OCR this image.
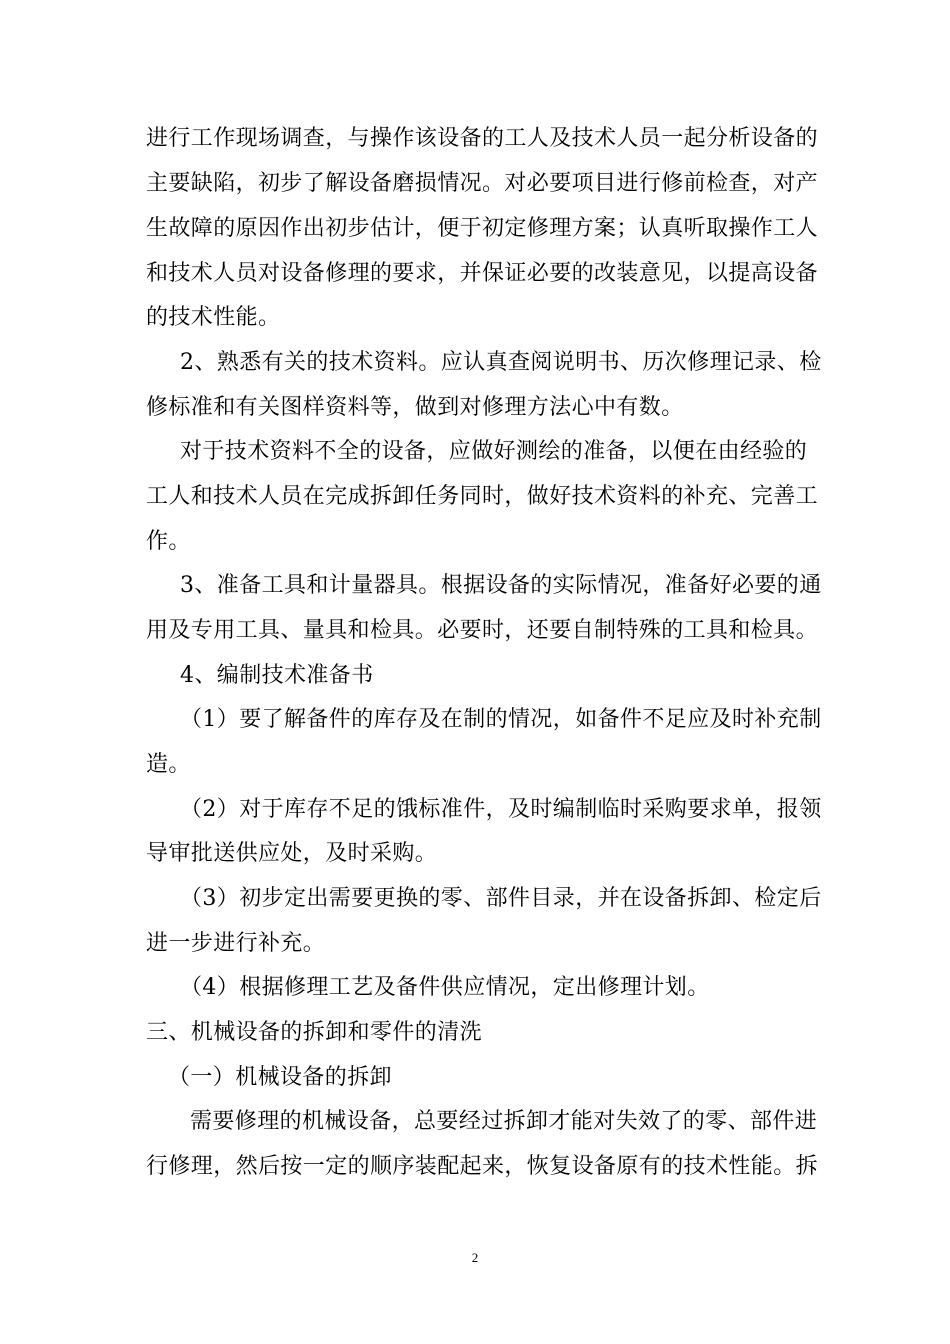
进行工作现场调查，与操作该设备的工人及技术人员一起分析设备的
主要缺陷，初步了解设备磨损情况。对必要项目进行修前检查，对产
生故障的原因作出初步估计，便于初定修理方案；认真听取操作工人
和技术人员对设备修理的要求，并保证必要的改装意见，以提高设备
的技术性能。
2、熟悉有关的技术资料。应认真查阅说明书、历次修理记录、检
修标准和有关图样资料等，做到对修理方法心中有数。
对于技术资料不全的设备，应做好测绘的准备，以便在由经验的
工人和技术人员在完成拆卸任务同时，做好技术资料的补充、完善工
作。
3、准备工具和计量器具。根据设备的实际情况，准备好必要的通
用及专用工具、量具和检具。必要时，还要自制特殊的工具和检具。
4、编制技术准备书
（1）要了解备件的库存及在制的情况，如备件不足应及时补充制
造。
（2）对于库存不足的饿标准件，及时编制临时采购要求单，报领
导审批送供应处，及时采购。
（3）初步定出需要更换的零、部件目录，并在设备拆卸、检定后
进一步进行补充。
（4）根据修理工艺及备件供应情况，定出修理计划。
三、机械设备的拆卸和零件的清洗
（一）机械设备的拆卸
需要修理的机械设备，总要经过拆卸才能对失效了的零、部件进
行修理，然后按一定的顺序装配起来，恢复设备原有的技术性能。拆
2
